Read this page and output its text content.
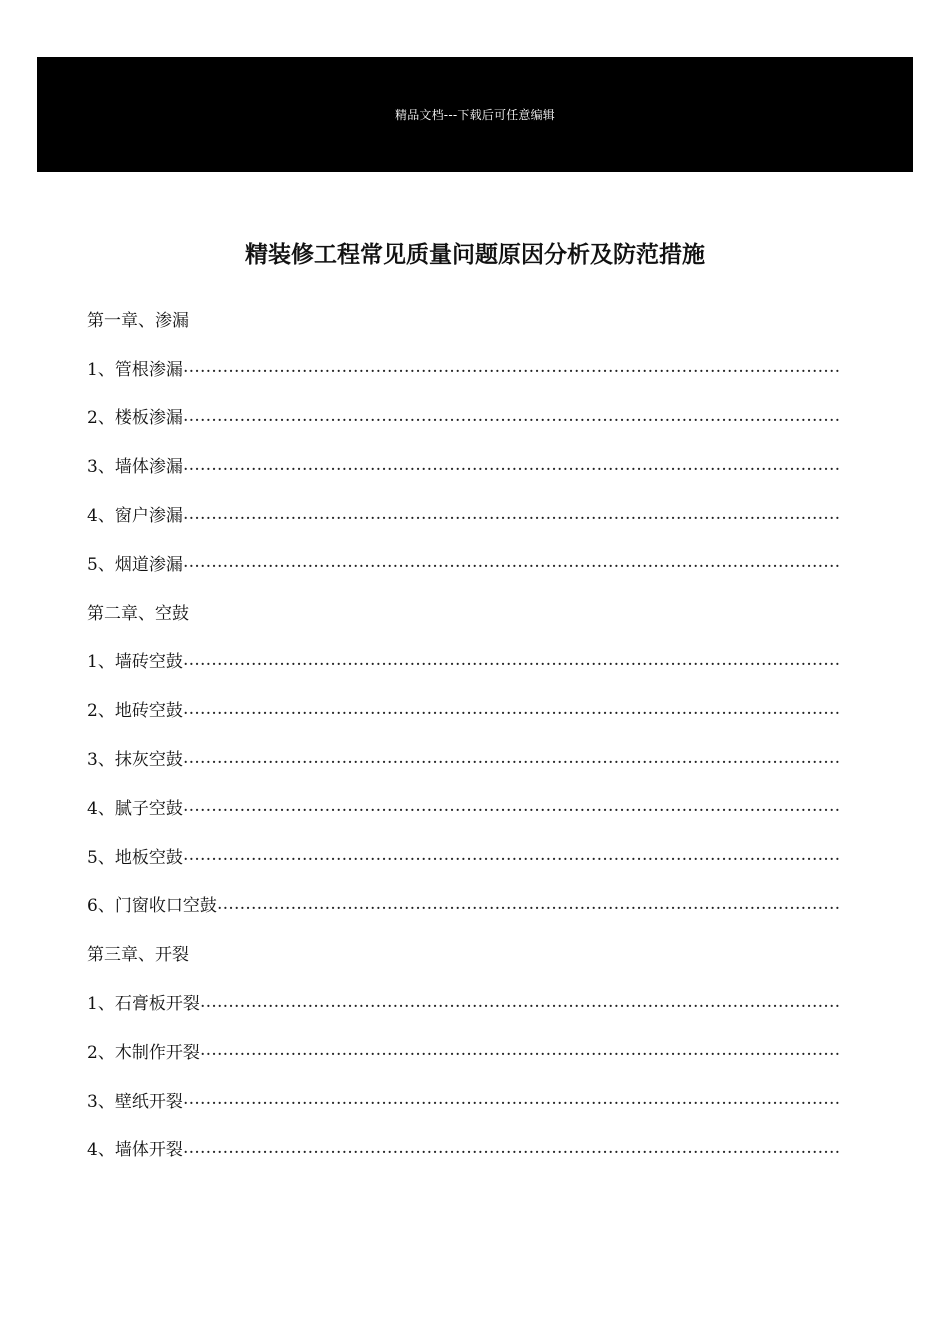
精品文档---下载后可任意编辑
精装修工程常见质量问题原因分析及防范措施
第一章、渗漏
1、管根渗漏
…………………………………………………………………………………………………………………………………………………………………………
2、楼板渗漏
…………………………………………………………………………………………………………………………………………………………………………
3、墙体渗漏
…………………………………………………………………………………………………………………………………………………………………………
4、窗户渗漏
…………………………………………………………………………………………………………………………………………………………………………
5、烟道渗漏
…………………………………………………………………………………………………………………………………………………………………………
第二章、空鼓
1、墙砖空鼓
…………………………………………………………………………………………………………………………………………………………………………
2、地砖空鼓
…………………………………………………………………………………………………………………………………………………………………………
3、抹灰空鼓
…………………………………………………………………………………………………………………………………………………………………………
4、腻子空鼓
…………………………………………………………………………………………………………………………………………………………………………
5、地板空鼓
…………………………………………………………………………………………………………………………………………………………………………
6、门窗收口空鼓
…………………………………………………………………………………………………………………………………………………………………………
第三章、开裂
1、石膏板开裂
…………………………………………………………………………………………………………………………………………………………………………
2、木制作开裂
…………………………………………………………………………………………………………………………………………………………………………
3、壁纸开裂
…………………………………………………………………………………………………………………………………………………………………………
4、墙体开裂
…………………………………………………………………………………………………………………………………………………………………………
